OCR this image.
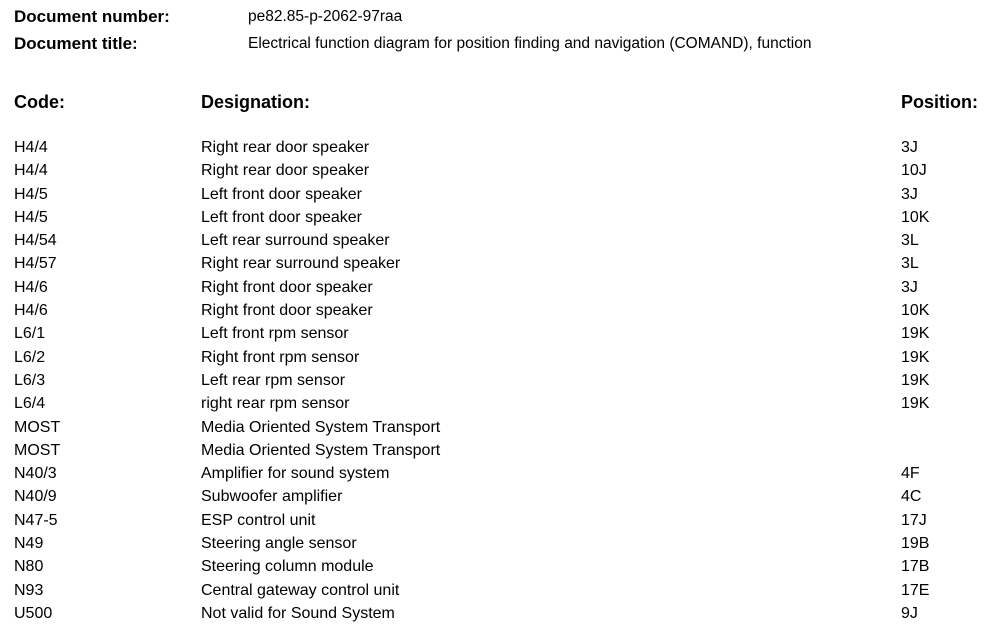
Document number:	pe82.85-p-2062-97raa
Document title:	Electrical function diagram for position finding and navigation (COMAND), function
Code:	Designation:	Position:
H4/4	Right rear door speaker	3J
H4/4	Right rear door speaker	10J
H4/5	Left front door speaker	3J
H4/5	Left front door speaker	10K
H4/54	Left rear surround speaker	3L
H4/57	Right rear surround speaker	3L
H4/6	Right front door speaker	3J
H4/6	Right front door speaker	10K
L6/1	Left front rpm sensor	19K
L6/2	Right front rpm sensor	19K
L6/3	Left rear rpm sensor	19K
L6/4	right rear rpm sensor	19K
MOST	Media Oriented System Transport
MOST	Media Oriented System Transport
N40/3	Amplifier for sound system	4F
N40/9	Subwoofer amplifier	4C
N47-5	ESP control unit	17J
N49	Steering angle sensor	19B
N80	Steering column module	17B
N93	Central gateway control unit	17E
U500	Not valid for Sound System	9J
